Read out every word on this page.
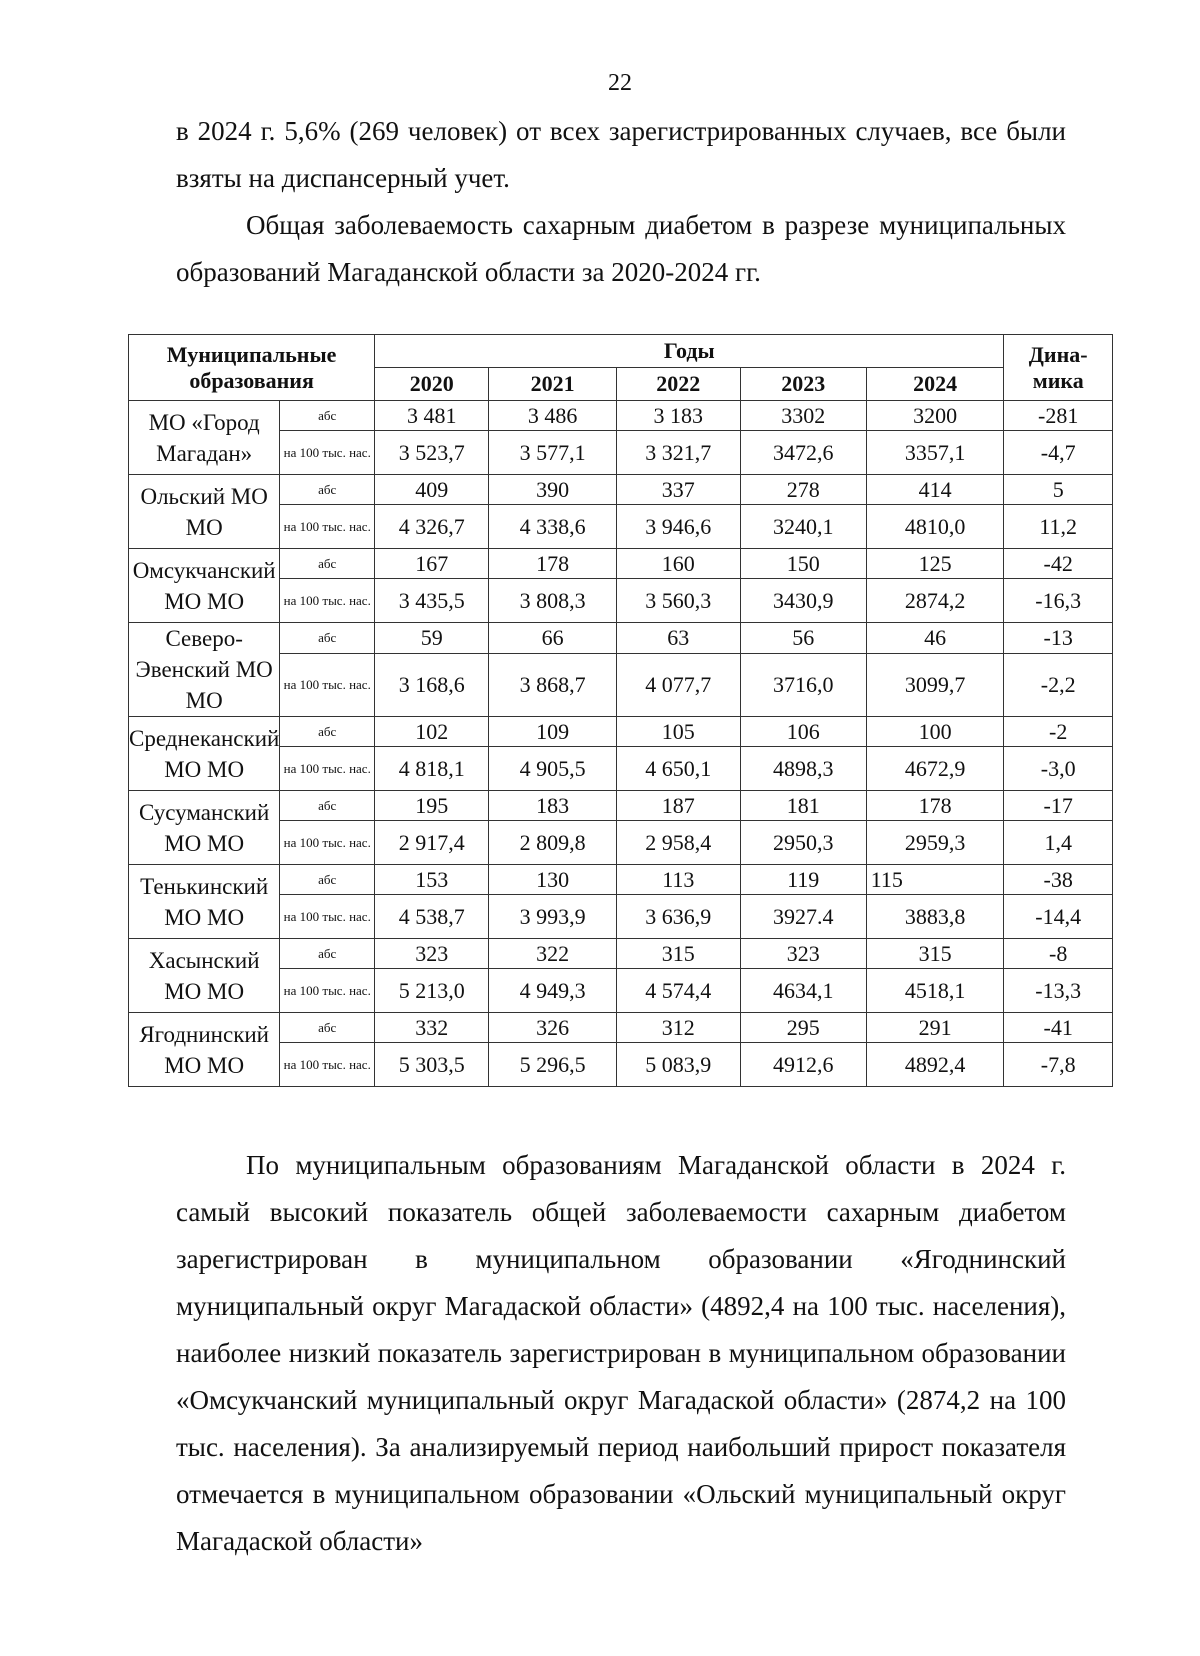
22

в 2024 г. 5,6% (269 человек) от всех зарегистрированных случаев, все были взяты на диспансерный учет.

Общая заболеваемость сахарным диабетом в разрезе муниципальных образований Магаданской области за 2020-2024 гг.

Муниципальные образования		Годы					Дина-мика
		2020	2021	2022	2023	2024	
МО «Город Магадан»	абс	3 481	3 486	3 183	3302	3200	-281
	на 100 тыс. нас.	3 523,7	3 577,1	3 321,7	3472,6	3357,1	-4,7
Ольский МО МО	абс	409	390	337	278	414	5
	на 100 тыс. нас.	4 326,7	4 338,6	3 946,6	3240,1	4810,0	11,2
Омсукчанский МО МО	абс	167	178	160	150	125	-42
	на 100 тыс. нас.	3 435,5	3 808,3	3 560,3	3430,9	2874,2	-16,3
Северо-Эвенский МО МО	абс	59	66	63	56	46	-13
	на 100 тыс. нас.	3 168,6	3 868,7	4 077,7	3716,0	3099,7	-2,2
Среднеканский МО МО	абс	102	109	105	106	100	-2
	на 100 тыс. нас.	4 818,1	4 905,5	4 650,1	4898,3	4672,9	-3,0
Сусуманский МО МО	абс	195	183	187	181	178	-17
	на 100 тыс. нас.	2 917,4	2 809,8	2 958,4	2950,3	2959,3	1,4
Тенькинский МО МО	абс	153	130	113	119	115	-38
	на 100 тыс. нас.	4 538,7	3 993,9	3 636,9	3927.4	3883,8	-14,4
Хасынский МО МО	абс	323	322	315	323	315	-8
	на 100 тыс. нас.	5 213,0	4 949,3	4 574,4	4634,1	4518,1	-13,3
Ягоднинский МО МО	абс	332	326	312	295	291	-41
	на 100 тыс. нас.	5 303,5	5 296,5	5 083,9	4912,6	4892,4	-7,8

По муниципальным образованиям Магаданской области в 2024 г. самый высокий показатель общей заболеваемости сахарным диабетом зарегистрирован в муниципальном образовании «Ягоднинский муниципальный округ Магадаской области» (4892,4 на 100 тыс. населения), наиболее низкий показатель зарегистрирован в муниципальном образовании «Омсукчанский муниципальный округ Магадаской области» (2874,2 на 100 тыс. населения). За анализируемый период наибольший прирост показателя отмечается в муниципальном образовании «Ольский муниципальный округ Магадаской области»
